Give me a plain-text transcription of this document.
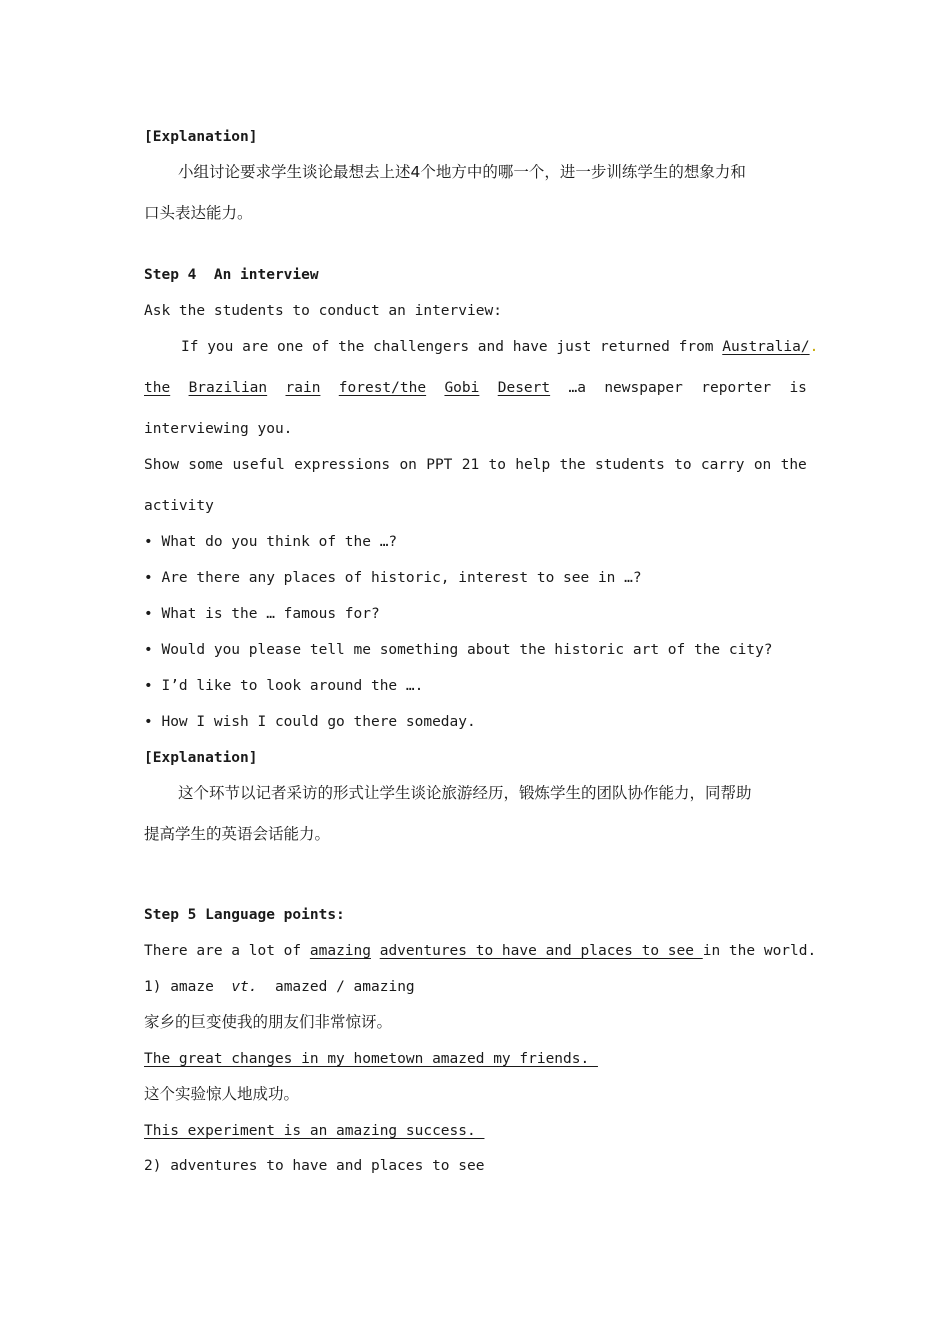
[Explanation]
小组讨论要求学生谈论最想去上述4个地方中的哪一个，进一步训练学生的想象力和
口头表达能力。
Step 4  An interview
Ask the students to conduct an interview:
If you are one of the challengers and have just returned from Australia/.
the Brazilian rain forest/the Gobi Desert …a newspaper reporter is
interviewing you.
Show some useful expressions on PPT 21 to help the students to carry on the
activity
• What do you think of the …?
• Are there any places of historic, interest to see in …?
• What is the … famous for?
• Would you please tell me something about the historic art of the city?
• I’d like to look around the ….
• How I wish I could go there someday.
[Explanation]
这个环节以记者采访的形式让学生谈论旅游经历，锻炼学生的团队协作能力，同帮助
提高学生的英语会话能力。
Step 5 Language points:
There are a lot of amazing adventures to have and places to see in the world.
1) amaze  vt.  amazed / amazing
家乡的巨变使我的朋友们非常惊讶。
The great changes in my hometown amazed my friends.
这个实验惊人地成功。
This experiment is an amazing success.
2) adventures to have and places to see
